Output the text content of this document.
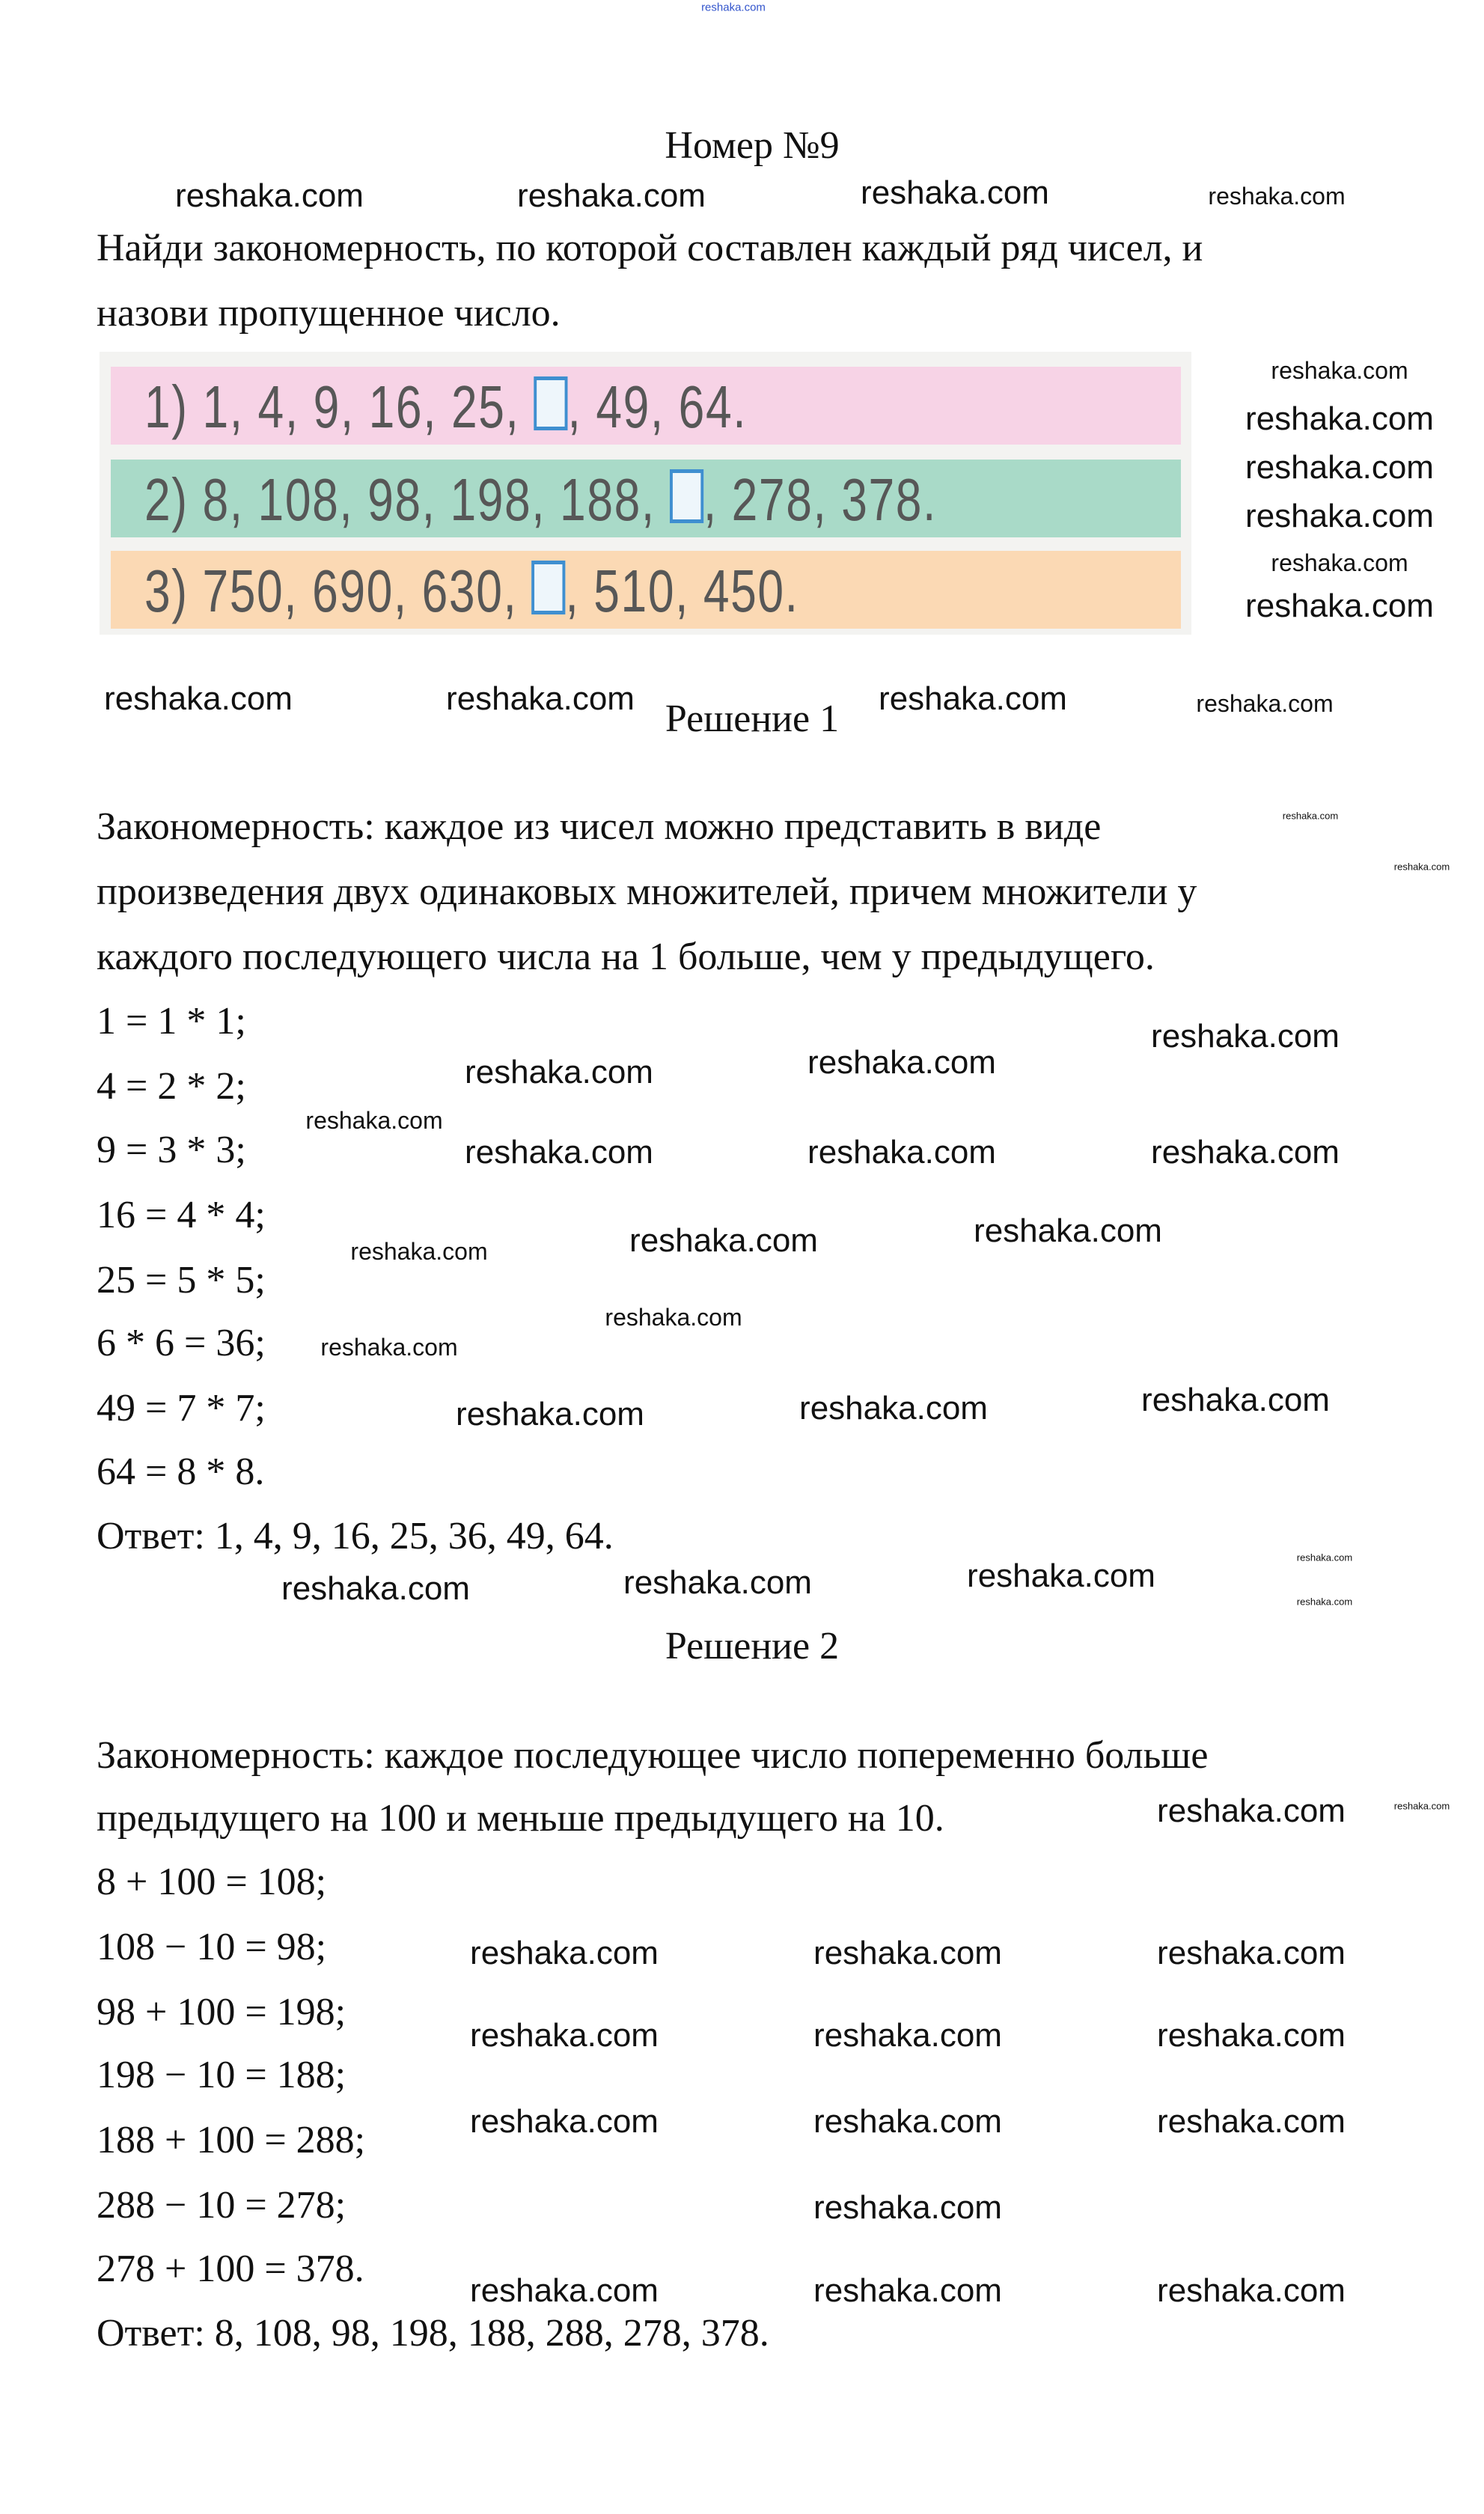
Номер №9
Найди закономерность, по которой составлен каждый ряд чисел, и
назови пропущенное число.
1) 1, 4, 9, 16, 25, , 49, 64.
2) 8, 108, 98, 198, 188, , 278, 378.
3) 750, 690, 630, , 510, 450.
Решение 1
Закономерность: каждое из чисел можно представить в виде
произведения двух одинаковых множителей, причем множители у
каждого последующего числа на 1 больше, чем у предыдущего.
1 = 1 * 1;
4 = 2 * 2;
9 = 3 * 3;
16 = 4 * 4;
25 = 5 * 5;
6 * 6 = 36;
49 = 7 * 7;
64 = 8 * 8.
Ответ: 1, 4, 9, 16, 25, 36, 49, 64.
Решение 2
Закономерность: каждое последующее число попеременно больше
предыдущего на 100 и меньше предыдущего на 10.
8 + 100 = 108;
108 − 10 = 98;
98 + 100 = 198;
198 − 10 = 188;
188 + 100 = 288;
288 − 10 = 278;
278 + 100 = 378.
Ответ: 8, 108, 98, 198, 188, 288, 278, 378.
reshaka.com
reshaka.com	reshaka.com	reshaka.com	reshaka.com
reshaka.com
reshaka.com
reshaka.com
reshaka.com
reshaka.com
reshaka.com
reshaka.com	reshaka.com	reshaka.com	reshaka.com
reshaka.com
reshaka.com
reshaka.com
reshaka.com	reshaka.com
reshaka.com
reshaka.com	reshaka.com	reshaka.com
reshaka.com	reshaka.com
reshaka.com
reshaka.com
reshaka.com
reshaka.com	reshaka.com	reshaka.com
reshaka.com	reshaka.com	reshaka.com	reshaka.com
reshaka.com
reshaka.com
reshaka.com
reshaka.com	reshaka.com	reshaka.com
reshaka.com	reshaka.com	reshaka.com
reshaka.com	reshaka.com	reshaka.com
reshaka.com
reshaka.com	reshaka.com	reshaka.com
